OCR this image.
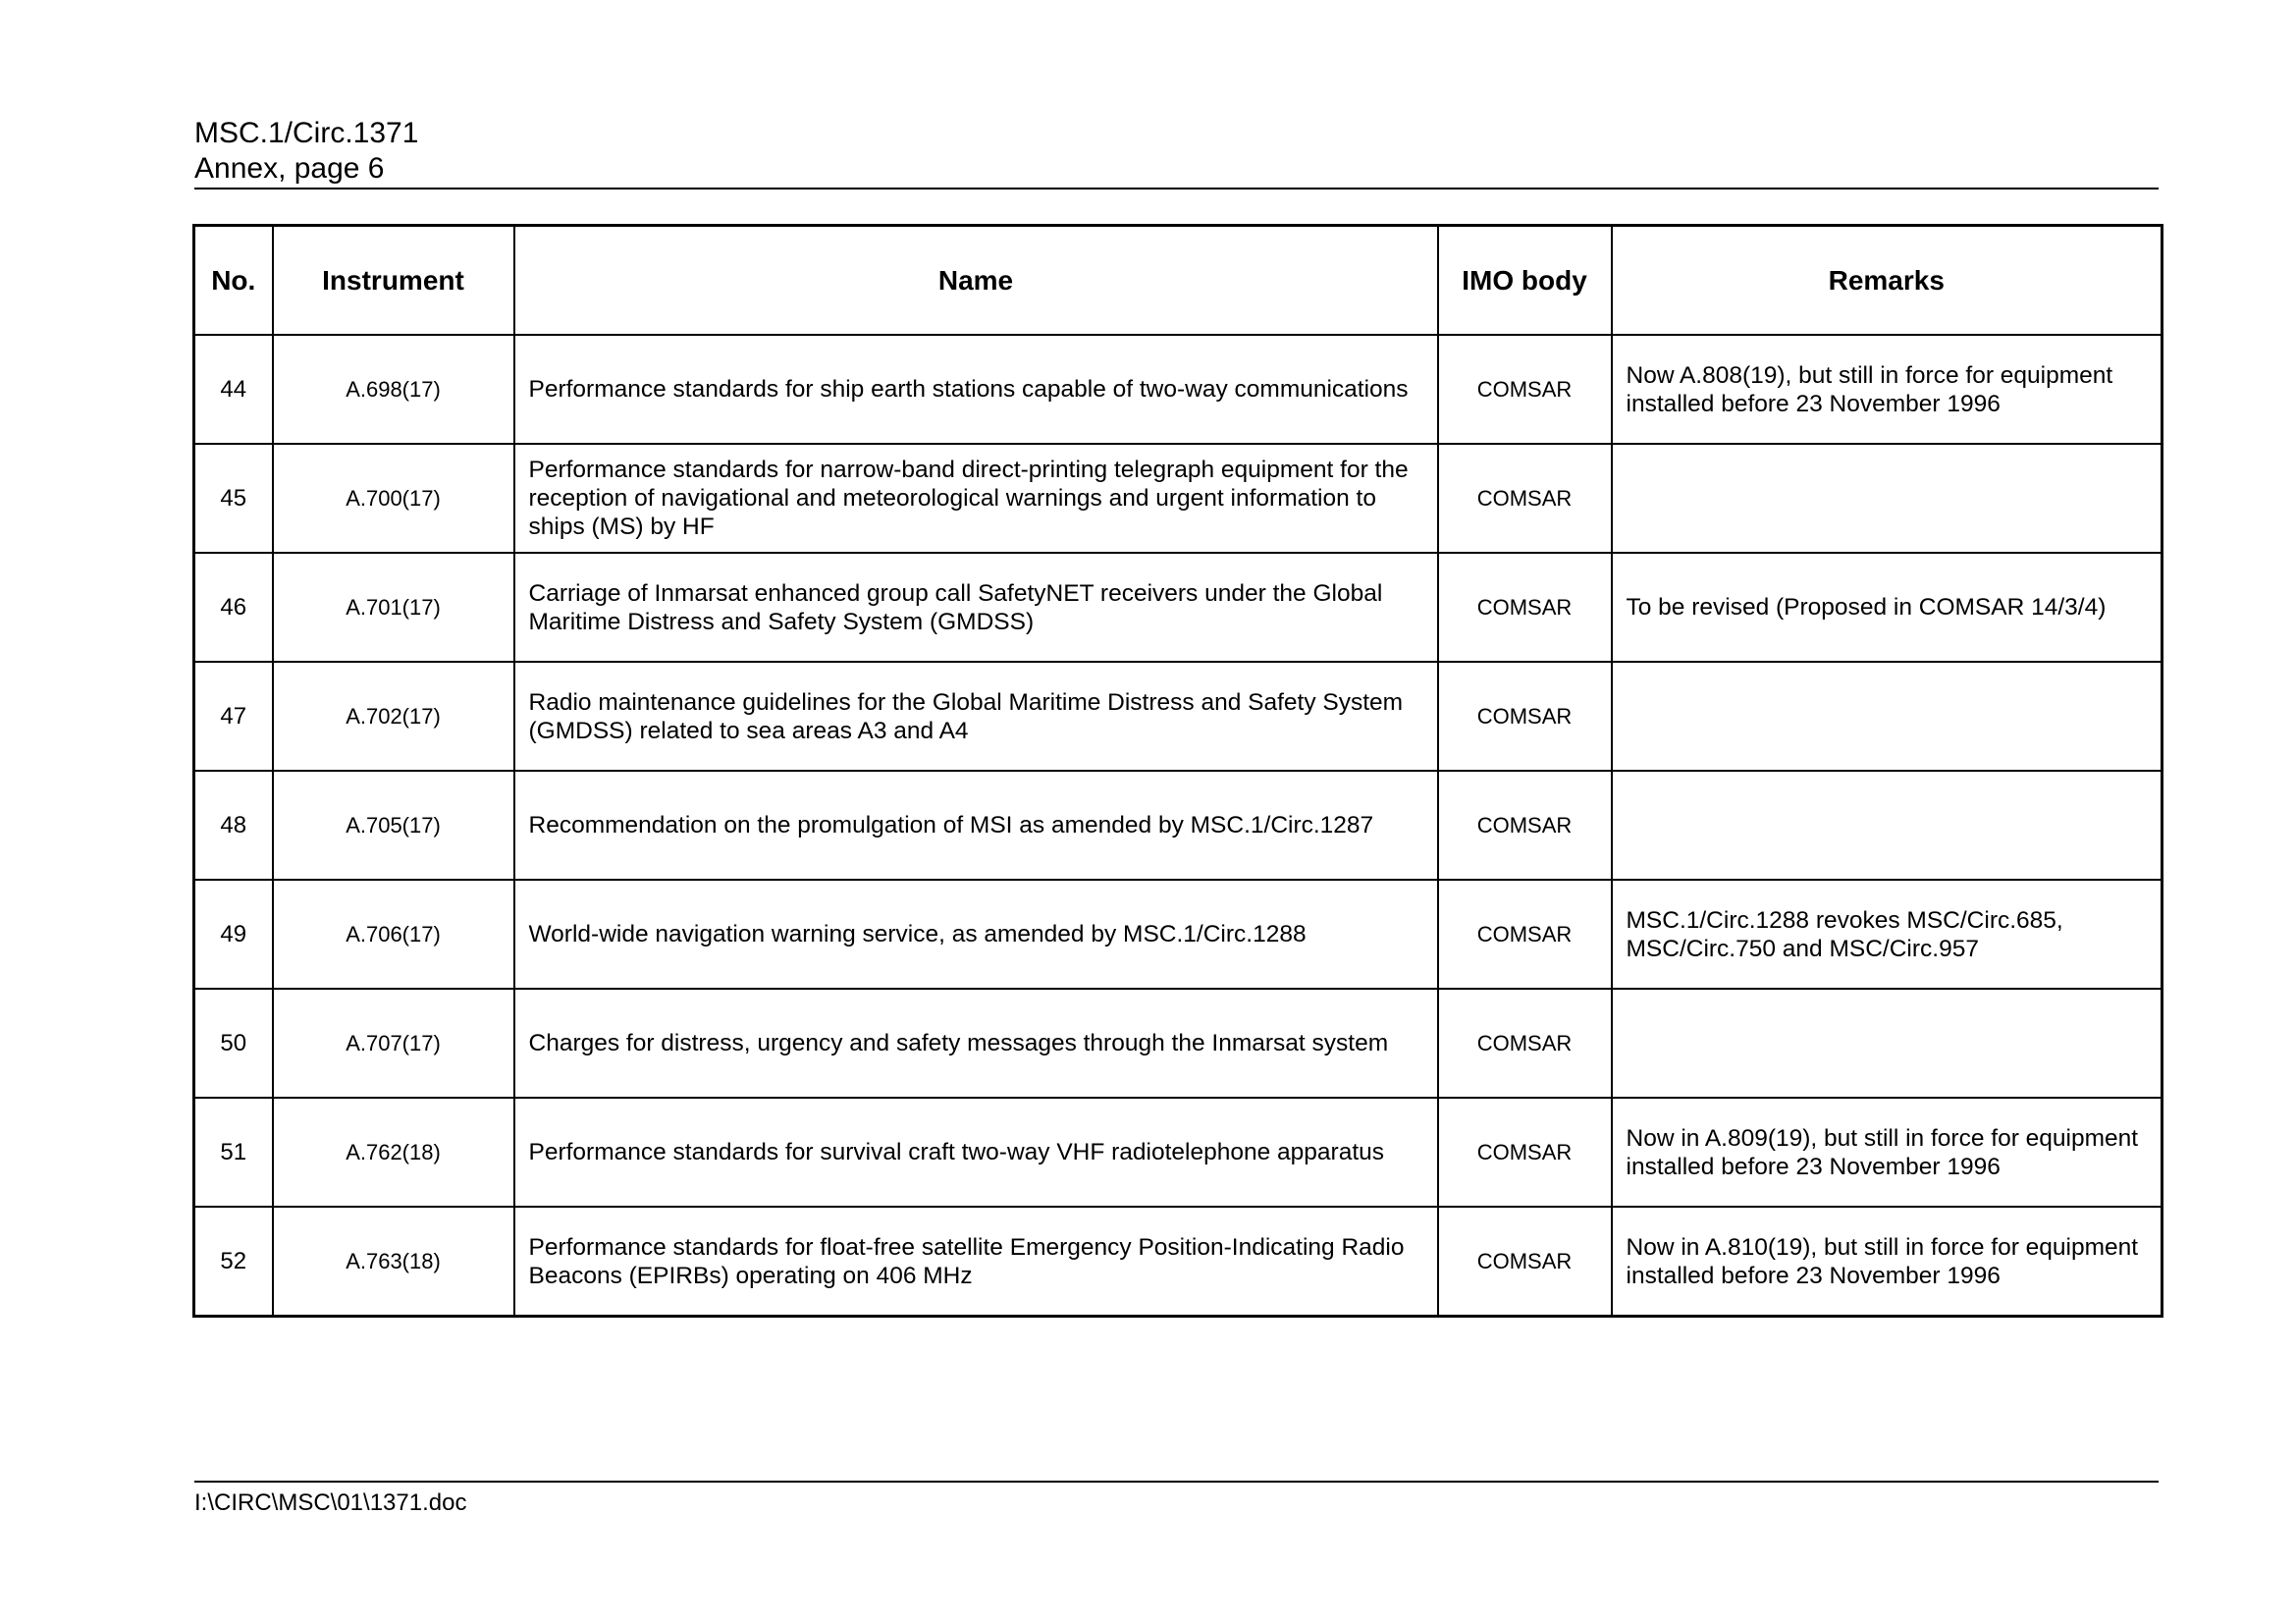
MSC.1/Circ.1371
Annex, page 6
No.	Instrument	Name	IMO body	Remarks
44	A.698(17)	Performance standards for ship earth stations capable of two-way communications	COMSAR	Now A.808(19), but still in force for equipment installed before 23 November 1996
45	A.700(17)	Performance standards for narrow-band direct-printing telegraph equipment for the reception of navigational and meteorological warnings and urgent information to ships (MS) by HF	COMSAR	
46	A.701(17)	Carriage of Inmarsat enhanced group call SafetyNET receivers under the Global Maritime Distress and Safety System (GMDSS)	COMSAR	To be revised (Proposed in COMSAR 14/3/4)
47	A.702(17)	Radio maintenance guidelines for the Global Maritime Distress and Safety System (GMDSS) related to sea areas A3 and A4	COMSAR	
48	A.705(17)	Recommendation on the promulgation of MSI as amended by MSC.1/Circ.1287	COMSAR	
49	A.706(17)	World-wide navigation warning service, as amended by MSC.1/Circ.1288	COMSAR	MSC.1/Circ.1288 revokes MSC/Circ.685, MSC/Circ.750 and MSC/Circ.957
50	A.707(17)	Charges for distress, urgency and safety messages through the Inmarsat system	COMSAR	
51	A.762(18)	Performance standards for survival craft two-way VHF radiotelephone apparatus	COMSAR	Now in A.809(19), but still in force for equipment installed before 23 November 1996
52	A.763(18)	Performance standards for float-free satellite Emergency Position-Indicating Radio Beacons (EPIRBs) operating on 406 MHz	COMSAR	Now in A.810(19), but still in force for equipment installed before 23 November 1996
I:\CIRC\MSC\01\1371.doc
